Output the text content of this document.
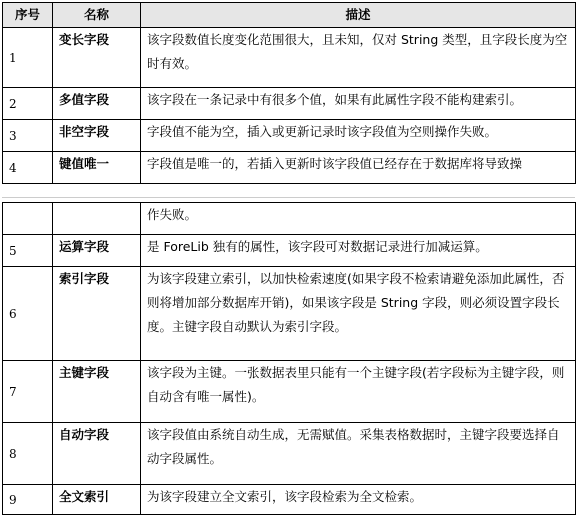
序号	名称	描述
1	变长字段	该字段数值长度变化范围很大，且未知，仅对 String 类型，且字段长度为空时有效。
2	多值字段	该字段在一条记录中有很多个值，如果有此属性字段不能构建索引。
3	非空字段	字段值不能为空，插入或更新记录时该字段值为空则操作失败。
4	键值唯一	字段值是唯一的，若插入更新时该字段值已经存在于数据库将导致操
		作失败。
5	运算字段	是 ForeLib 独有的属性，该字段可对数据记录进行加减运算。
6	索引字段	为该字段建立索引，以加快检索速度(如果字段不检索请避免添加此属性，否则将增加部分数据库开销)，如果该字段是 String 字段，则必须设置字段长度。主键字段自动默认为索引字段。
7	主键字段	该字段为主键。一张数据表里只能有一个主键字段(若字段标为主键字段，则自动含有唯一属性)。
8	自动字段	该字段值由系统自动生成，无需赋值。采集表格数据时，主键字段要选择自动字段属性。
9	全文索引	为该字段建立全文索引，该字段检索为全文检索。
